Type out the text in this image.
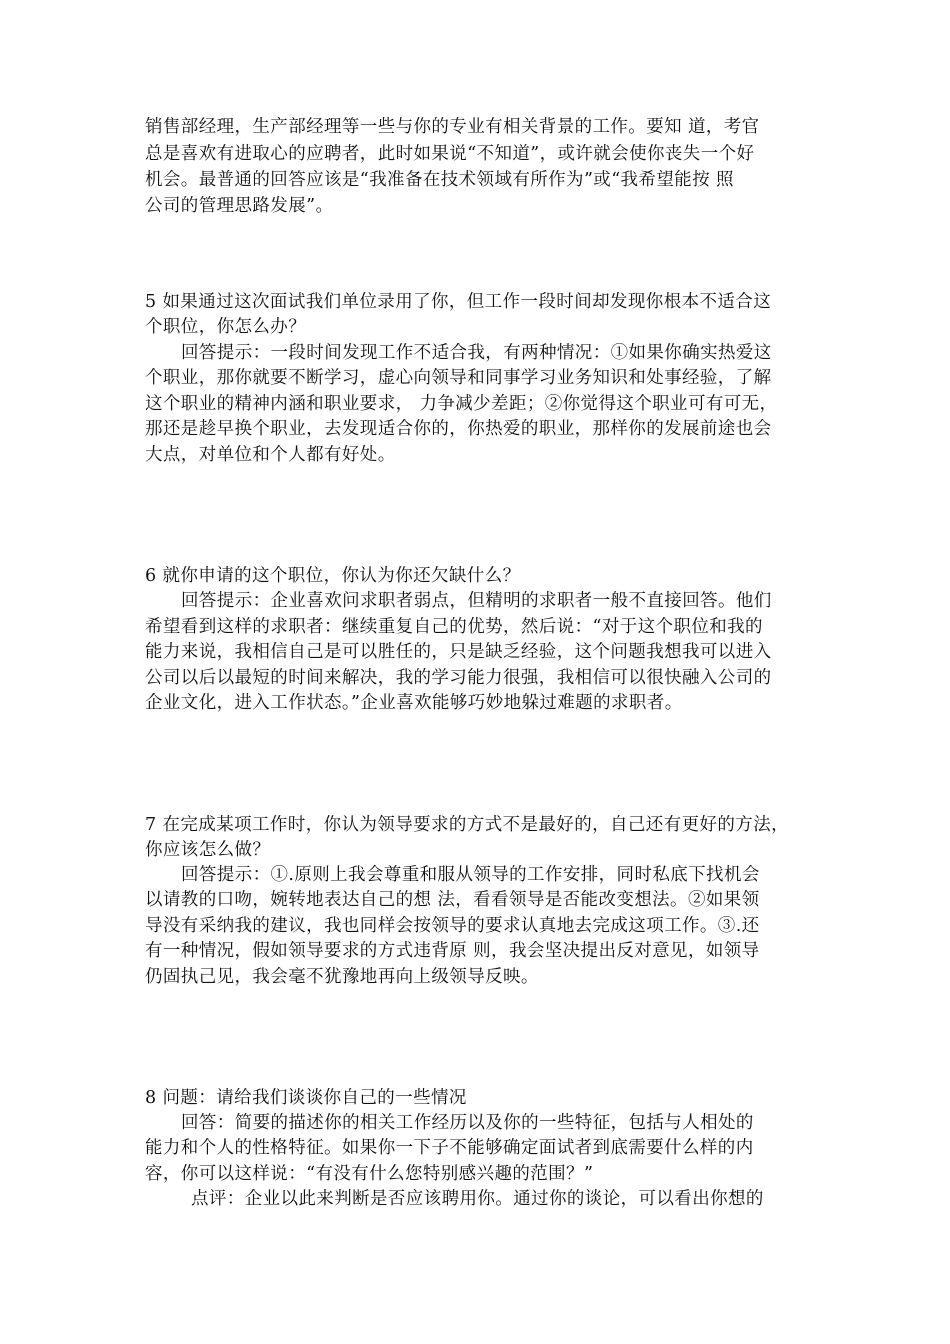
销售部经理，生产部经理等一些与你的专业有相关背景的工作。要知 道，考官
总是喜欢有进取心的应聘者，此时如果说“不知道”，或许就会使你丧失一个好
机会。最普通的回答应该是“我准备在技术领域有所作为”或“我希望能按 照
公司的管理思路发展”。
5 如果通过这次面试我们单位录用了你，但工作一段时间却发现你根本不适合这
个职位，你怎么办？
回答提示：一段时间发现工作不适合我，有两种情况：①如果你确实热爱这
个职业，那你就要不断学习，虚心向领导和同事学习业务知识和处事经验，了解
这个职业的精神内涵和职业要求， 力争减少差距；②你觉得这个职业可有可无，
那还是趁早换个职业，去发现适合你的，你热爱的职业，那样你的发展前途也会
大点，对单位和个人都有好处。
6 就你申请的这个职位，你认为你还欠缺什么？
回答提示：企业喜欢问求职者弱点，但精明的求职者一般不直接回答。他们
希望看到这样的求职者：继续重复自己的优势，然后说：“对于这个职位和我的
能力来说，我相信自己是可以胜任的，只是缺乏经验，这个问题我想我可以进入
公司以后以最短的时间来解决，我的学习能力很强，我相信可以很快融入公司的
企业文化，进入工作状态。”企业喜欢能够巧妙地躲过难题的求职者。
7 在完成某项工作时，你认为领导要求的方式不是最好的，自己还有更好的方法，
你应该怎么做？
回答提示：①.原则上我会尊重和服从领导的工作安排，同时私底下找机会
以请教的口吻，婉转地表达自己的想 法，看看领导是否能改变想法。②如果领
导没有采纳我的建议，我也同样会按领导的要求认真地去完成这项工作。③.还
有一种情况，假如领导要求的方式违背原 则，我会坚决提出反对意见，如领导
仍固执己见，我会毫不犹豫地再向上级领导反映。
8 问题：请给我们谈谈你自己的一些情况
回答：简要的描述你的相关工作经历以及你的一些特征，包括与人相处的
能力和个人的性格特征。如果你一下子不能够确定面试者到底需要什么样的内
容，你可以这样说：“有没有什么您特别感兴趣的范围？”
点评：企业以此来判断是否应该聘用你。通过你的谈论，可以看出你想的
